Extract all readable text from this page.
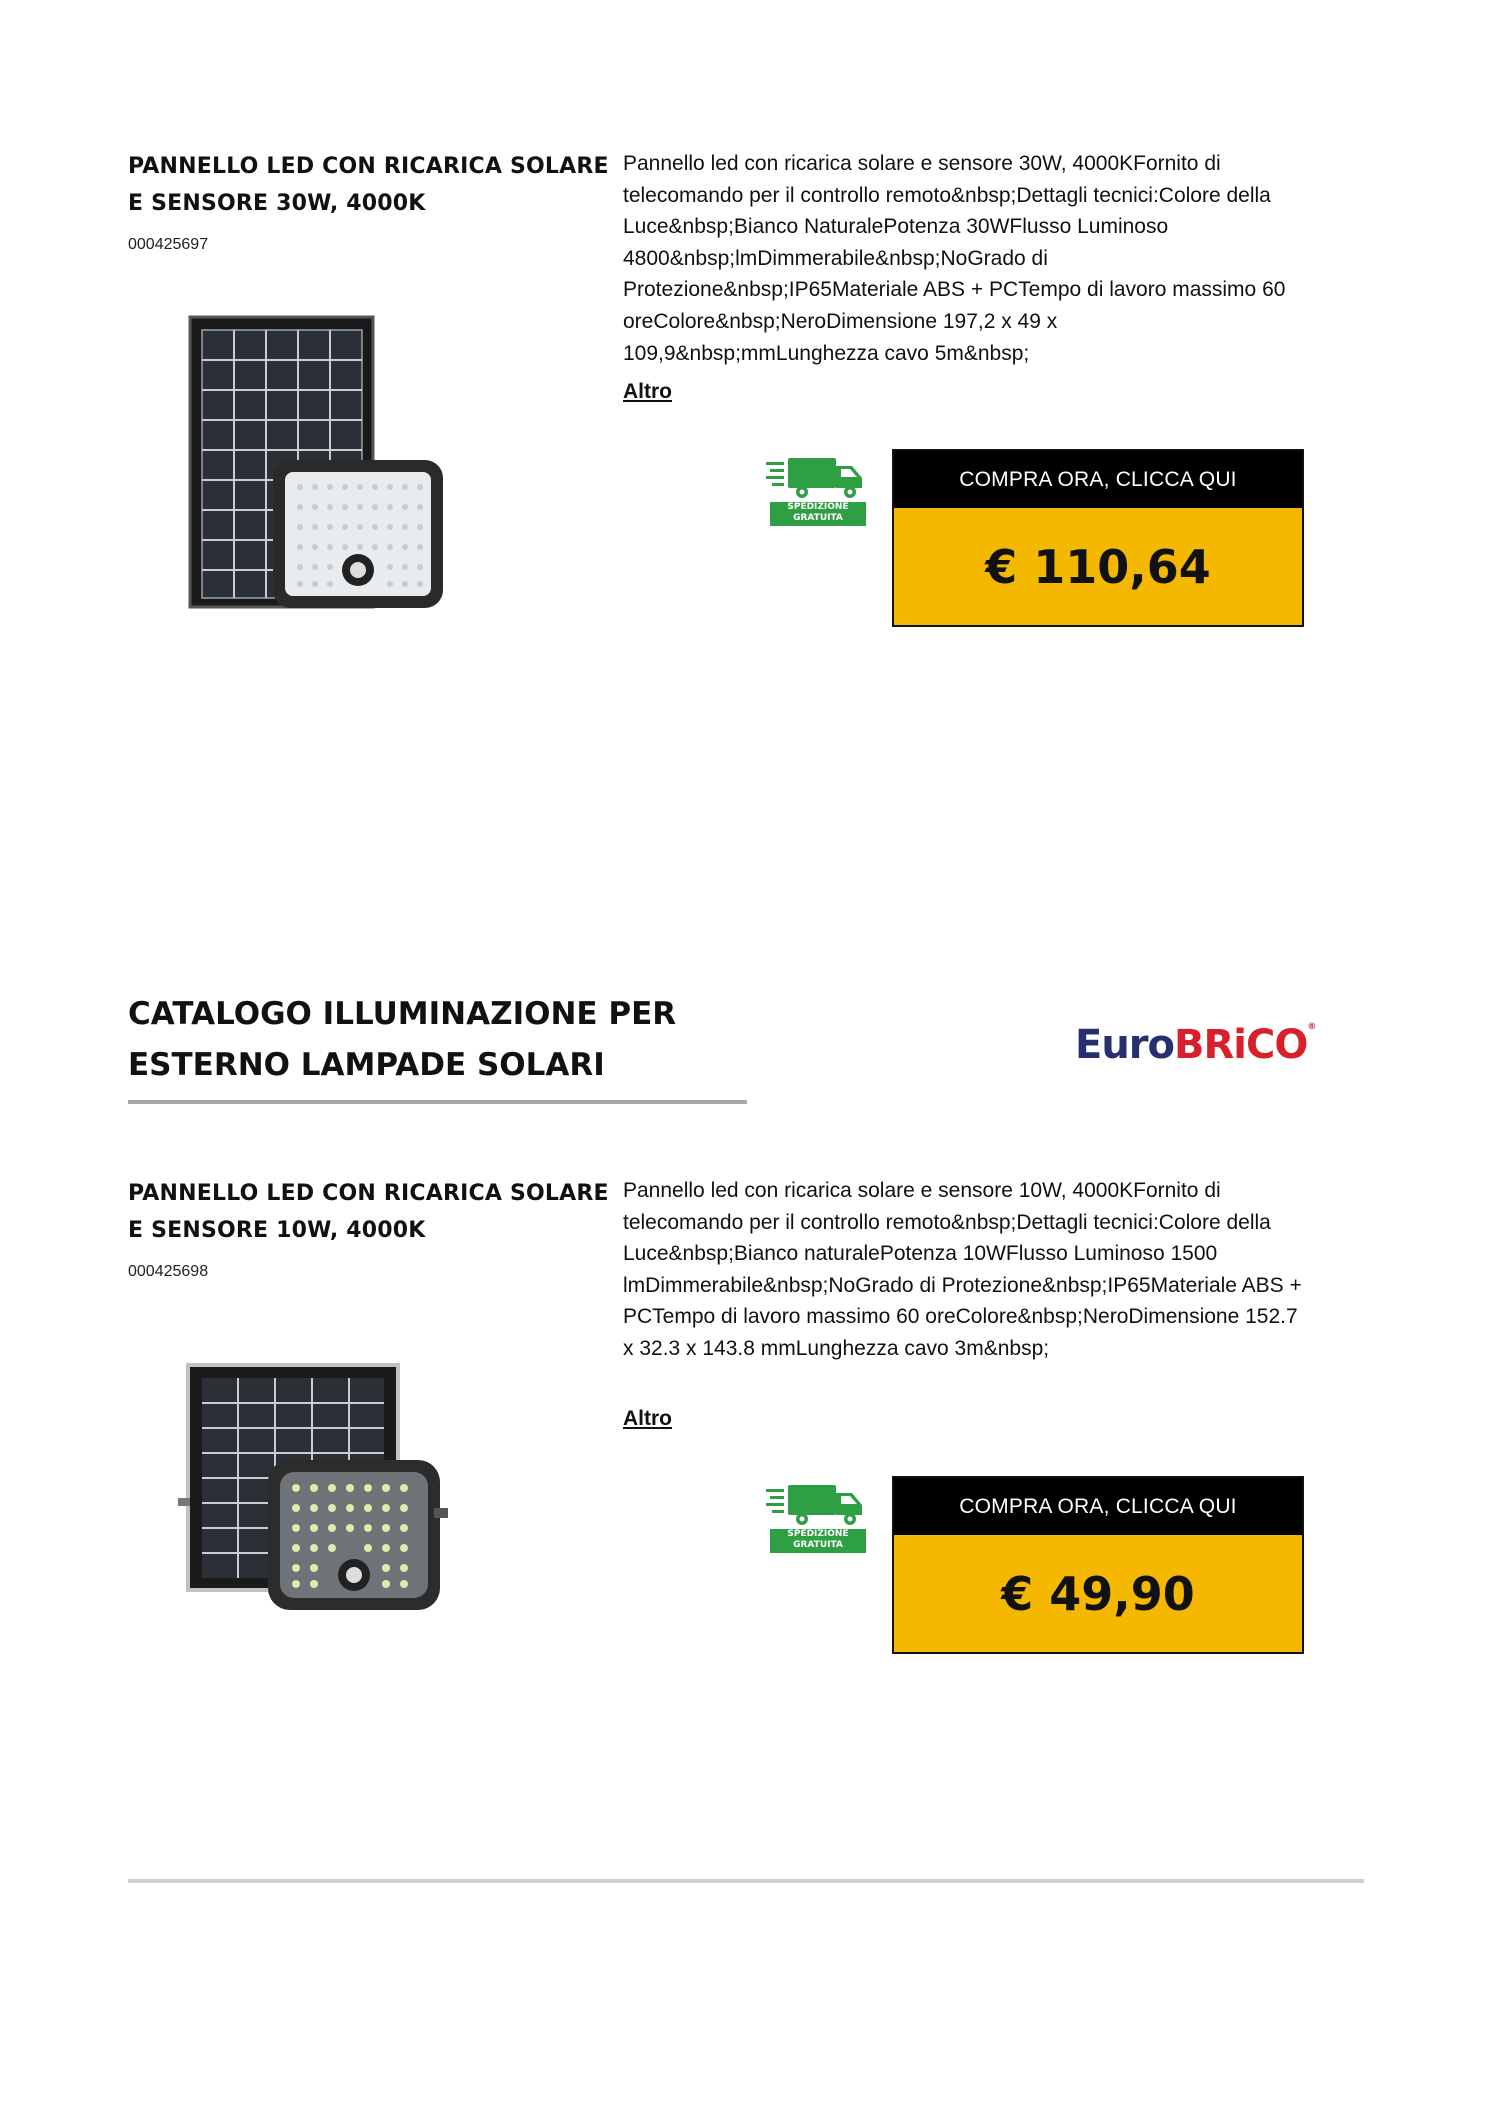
PANNELLO LED CON RICARICA SOLARE
E SENSORE 30W, 4000K
000425697
Pannello led con ricarica solare e sensore 30W, 4000KFornito di telecomando per il controllo remoto&nbsp;Dettagli tecnici:Colore della Luce&nbsp;Bianco NaturalePotenza 30WFlusso Luminoso 4800&nbsp;lmDimmerabile&nbsp;NoGrado di Protezione&nbsp;IP65Materiale ABS + PCTempo di lavoro massimo 60 oreColore&nbsp;NeroDimensione 197,2 x 49 x 109,9&nbsp;mmLunghezza cavo 5m&nbsp;
Altro
SPEDIZIONE GRATUITA
COMPRA ORA, CLICCA QUI
€ 110,64
CATALOGO ILLUMINAZIONE PER
ESTERNO LAMPADE SOLARI	EuroBRiCO®
PANNELLO LED CON RICARICA SOLARE
E SENSORE 10W, 4000K
000425698
Pannello led con ricarica solare e sensore 10W, 4000KFornito di telecomando per il controllo remoto&nbsp;Dettagli tecnici:Colore della Luce&nbsp;Bianco naturalePotenza 10WFlusso Luminoso 1500 lmDimmerabile&nbsp;NoGrado di Protezione&nbsp;IP65Materiale ABS + PCTempo di lavoro massimo 60 oreColore&nbsp;NeroDimensione 152.7 x 32.3 x 143.8 mmLunghezza cavo 3m&nbsp;
Altro
SPEDIZIONE GRATUITA
COMPRA ORA, CLICCA QUI
€ 49,90
